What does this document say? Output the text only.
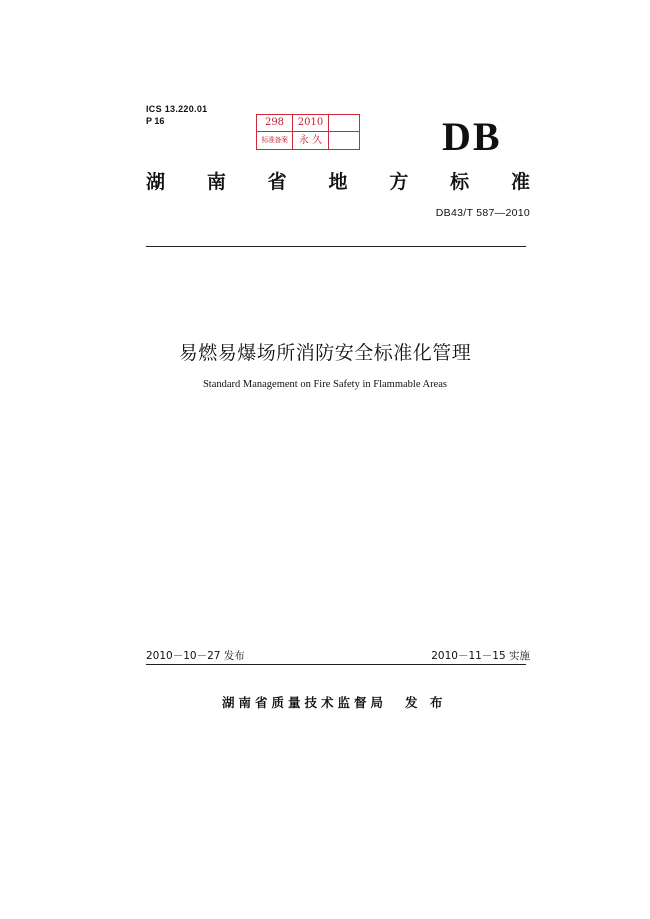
ICS 13.220.01
P 16	298	2010
标准备案	永 久	DB
湖 南 省 地 方 标 准
DB43/T 587—2010
易燃易爆场所消防安全标准化管理
Standard Management on Fire Safety in Flammable Areas
2010－10－27 发布	2010－11－15 实施
湖南省质量技术监督局 发 布
